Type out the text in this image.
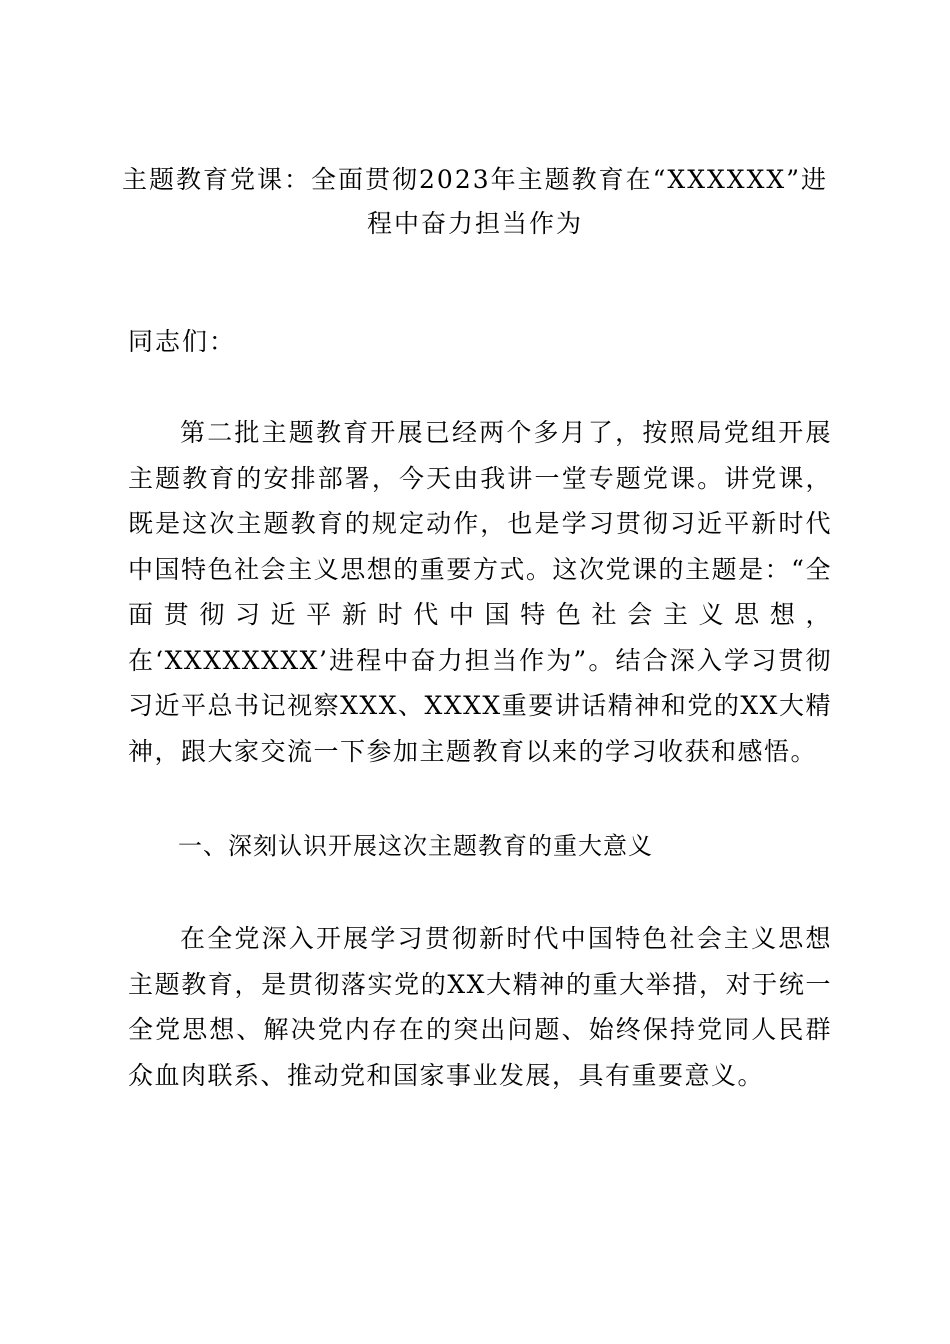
主题教育党课：全面贯彻2023年主题教育在“XXXXXX”进程中奋力担当作为
同志们：
第二批主题教育开展已经两个多月了，按照局党组开展主题教育的安排部署，今天由我讲一堂专题党课。讲党课，既是这次主题教育的规定动作，也是学习贯彻习近平新时代中国特色社会主义思想的重要方式。这次党课的主题是：“全面贯彻习近平新时代中国特色社会主义思想，在‘XXXXXXXX’进程中奋力担当作为”。结合深入学习贯彻习近平总书记视察XXX、XXXX重要讲话精神和党的XX大精神，跟大家交流一下参加主题教育以来的学习收获和感悟。
一、深刻认识开展这次主题教育的重大意义
在全党深入开展学习贯彻新时代中国特色社会主义思想主题教育，是贯彻落实党的XX大精神的重大举措，对于统一全党思想、解决党内存在的突出问题、始终保持党同人民群众血肉联系、推动党和国家事业发展，具有重要意义。
